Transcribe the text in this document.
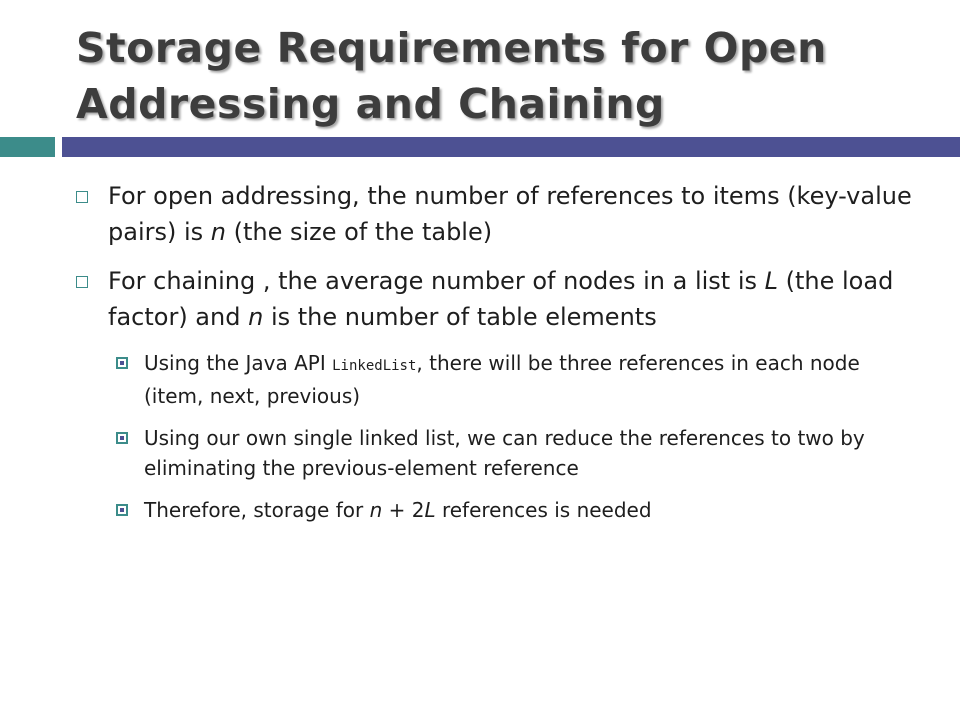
Storage Requirements for Open Addressing and Chaining
For open addressing, the number of references to items (key-value pairs) is n (the size of the table)
For chaining , the average number of nodes in a list is L (the load factor) and n is the number of table elements
Using the Java API LinkedList, there will be three references in each node (item, next, previous)
Using our own single linked list, we can reduce the references to two by eliminating the previous-element reference
Therefore, storage for n + 2L references is needed
